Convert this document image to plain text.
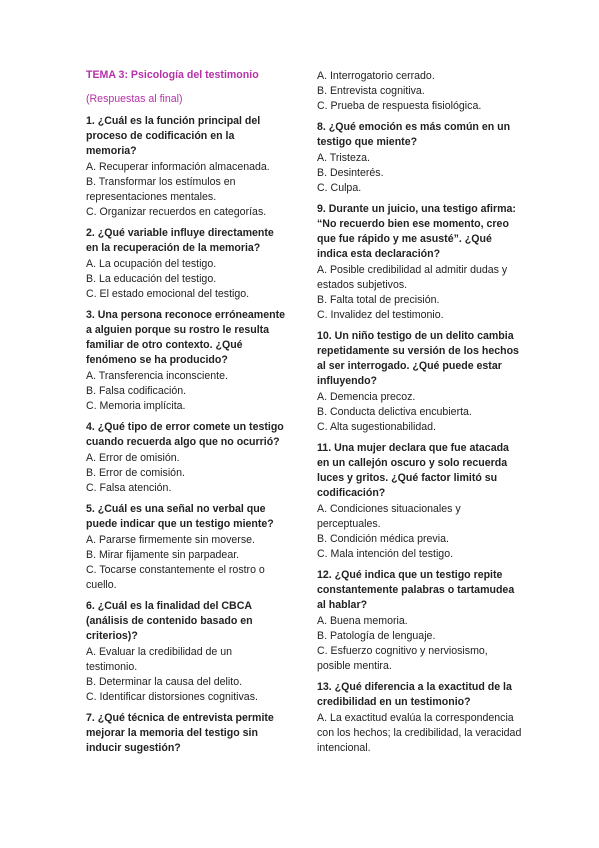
TEMA 3: Psicología del testimonio
(Respuestas al final)
1. ¿Cuál es la función principal del proceso de codificación en la memoria?
A. Recuperar información almacenada.
B. Transformar los estímulos en representaciones mentales.
C. Organizar recuerdos en categorías.
2. ¿Qué variable influye directamente en la recuperación de la memoria?
A. La ocupación del testigo.
B. La educación del testigo.
C. El estado emocional del testigo.
3. Una persona reconoce erróneamente a alguien porque su rostro le resulta familiar de otro contexto. ¿Qué fenómeno se ha producido?
A. Transferencia inconsciente.
B. Falsa codificación.
C. Memoria implícita.
4. ¿Qué tipo de error comete un testigo cuando recuerda algo que no ocurrió?
A. Error de omisión.
B. Error de comisión.
C. Falsa atención.
5. ¿Cuál es una señal no verbal que puede indicar que un testigo miente?
A. Pararse firmemente sin moverse.
B. Mirar fijamente sin parpadear.
C. Tocarse constantemente el rostro o cuello.
6. ¿Cuál es la finalidad del CBCA (análisis de contenido basado en criterios)?
A. Evaluar la credibilidad de un testimonio.
B. Determinar la causa del delito.
C. Identificar distorsiones cognitivas.
7. ¿Qué técnica de entrevista permite mejorar la memoria del testigo sin inducir sugestión?
A. Interrogatorio cerrado.
B. Entrevista cognitiva.
C. Prueba de respuesta fisiológica.
8. ¿Qué emoción es más común en un testigo que miente?
A. Tristeza.
B. Desinterés.
C. Culpa.
9. Durante un juicio, una testigo afirma: “No recuerdo bien ese momento, creo que fue rápido y me asusté”. ¿Qué indica esta declaración?
A. Posible credibilidad al admitir dudas y estados subjetivos.
B. Falta total de precisión.
C. Invalidez del testimonio.
10. Un niño testigo de un delito cambia repetidamente su versión de los hechos al ser interrogado. ¿Qué puede estar influyendo?
A. Demencia precoz.
B. Conducta delictiva encubierta.
C. Alta sugestionabilidad.
11. Una mujer declara que fue atacada en un callejón oscuro y solo recuerda luces y gritos. ¿Qué factor limitó su codificación?
A. Condiciones situacionales y perceptuales.
B. Condición médica previa.
C. Mala intención del testigo.
12. ¿Qué indica que un testigo repite constantemente palabras o tartamudea al hablar?
A. Buena memoria.
B. Patología de lenguaje.
C. Esfuerzo cognitivo y nerviosismo, posible mentira.
13. ¿Qué diferencia a la exactitud de la credibilidad en un testimonio?
A. La exactitud evalúa la correspondencia con los hechos; la credibilidad, la veracidad intencional.
